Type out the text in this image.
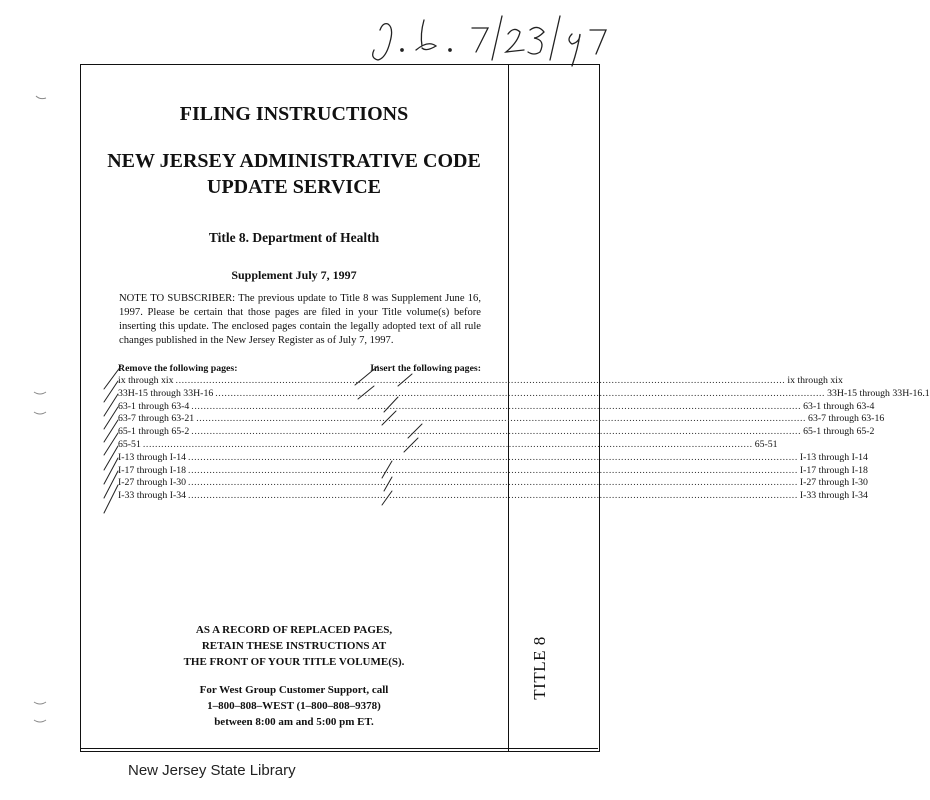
TITLE 8
FILING INSTRUCTIONS
NEW JERSEY ADMINISTRATIVE CODE
UPDATE SERVICE
Title 8. Department of Health
Supplement July 7, 1997
NOTE TO SUBSCRIBER: The previous update to Title 8 was Supplement June 16, 1997. Please be certain that those pages are filed in your Title volume(s) before inserting this update. The enclosed pages contain the legally adopted text of all rule changes published in the New Jersey Register as of July 7, 1997.
Remove the following pages:	Insert the following pages:
ix through xix ........................................................................................................................................................................................................ ix through xix
33H-15 through 33H-16 ........................................................................................................................................................................................................ 33H-15 through 33H-16.1
63-1 through 63-4 ........................................................................................................................................................................................................ 63-1 through 63-4
63-7 through 63-21 ........................................................................................................................................................................................................ 63-7 through 63-16
65-1 through 65-2 ........................................................................................................................................................................................................ 65-1 through 65-2
65-51 ........................................................................................................................................................................................................ 65-51
I-13 through I-14 ........................................................................................................................................................................................................ I-13 through I-14
I-17 through I-18 ........................................................................................................................................................................................................ I-17 through I-18
I-27 through I-30 ........................................................................................................................................................................................................ I-27 through I-30
I-33 through I-34 ........................................................................................................................................................................................................ I-33 through I-34
AS A RECORD OF REPLACED PAGES,
RETAIN THESE INSTRUCTIONS AT
THE FRONT OF YOUR TITLE VOLUME(S).
For West Group Customer Support, call
1–800–808–WEST (1–800–808–9378)
between 8:00 am and 5:00 pm ET.
New Jersey State Library
